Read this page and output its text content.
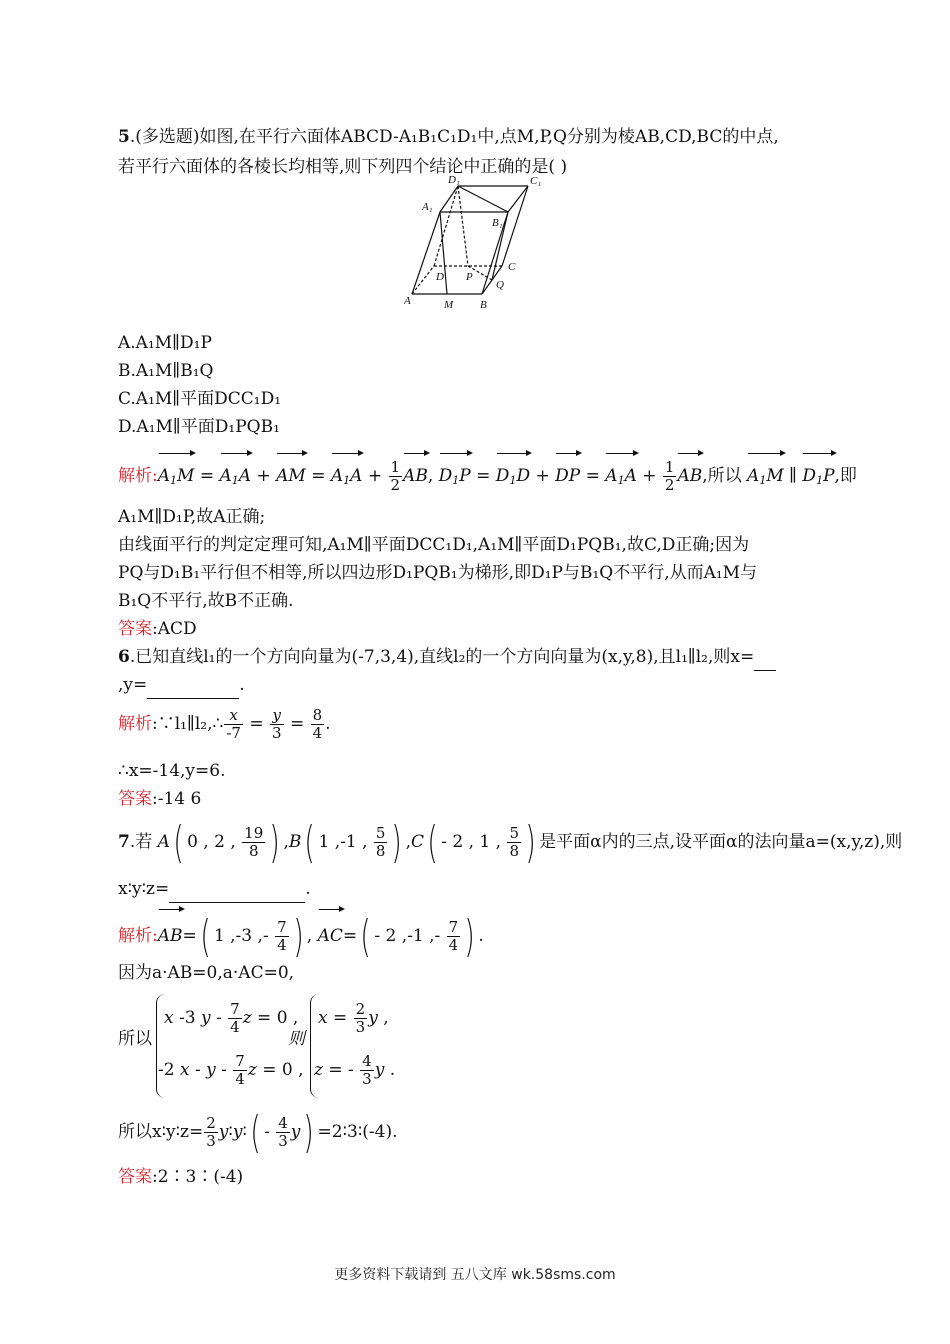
5.(多选题)如图,在平行六面体ABCD-A₁B₁C₁D₁中,点M,P,Q分别为棱AB,CD,BC的中点,
若平行六面体的各棱长均相等,则下列四个结论中正确的是( )
D₁	C₁
A₁
B₁
D P
C
Q
A	M B
A.A₁M∥D₁P
B.A₁M∥B₁Q
C.A₁M∥平面DCC₁D₁
D.A₁M∥平面D₁PQB₁
解析$:A_1M = A_1A$ + AM = $A_1A + \frac{1}{2}$ AB, $D_1P = D_1D$ + DP = $A_1A + \frac{1}{2}$ AB,所以 $A_1M$ ∥ $D_1P$,即
A₁M∥D₁P,故A正确;
由线面平行的判定定理可知,A₁M∥平面DCC₁D₁,A₁M∥平面D₁PQB₁,故C,D正确;因为
PQ与D₁B₁平行但不相等,所以四边形D₁PQB₁为梯形,即D₁P与B₁Q不平行,从而A₁M与
B₁Q不平行,故B不正确.
答案:ACD
6.已知直线l₁的一个方向向量为(-7,3,4),直线l₂的一个方向向量为(x,y,8),且l₁∥l₂,则x=
,y=	.
解析:∵l₁∥l₂,∴ $\frac{x}{-7} = \frac{y}{3} = \frac{8}{4}$ .
∴x=-14,y=6.
答案:-14 6
7.若 A( 0 , 2 , $\frac{19}{8}$ ) ,B( 1 ,-1 , $\frac{5}{8}$ ) ,C( - 2 , 1 , $\frac{5}{8}$ ) 是平面α内的三点,设平面α的法向量a=(x,y,z),则
x∶y∶z=	.
解析:AB=( 1 ,-3 ,- $\frac{7}{4}$ ) , AC=( - 2 ,-1 ,- $\frac{7}{4}$ ) .
因为a·AB=0,a·AC=0,
所以
x -3 y - $\frac{7}{4}$ z = 0 ,
-2 x - y - $\frac{7}{4}$ z = 0 ,
则
$x = \frac{2}{3}$ y ,
z = - $\frac{4}{3}$ y .
所以x∶y∶z= $\frac{2}{3}$ y∶y∶( - $\frac{4}{3} y$) =2∶3∶(-4).
答案:2∶3∶(-4)
更多资料下载请到 五八文库 wk.58sms.com
